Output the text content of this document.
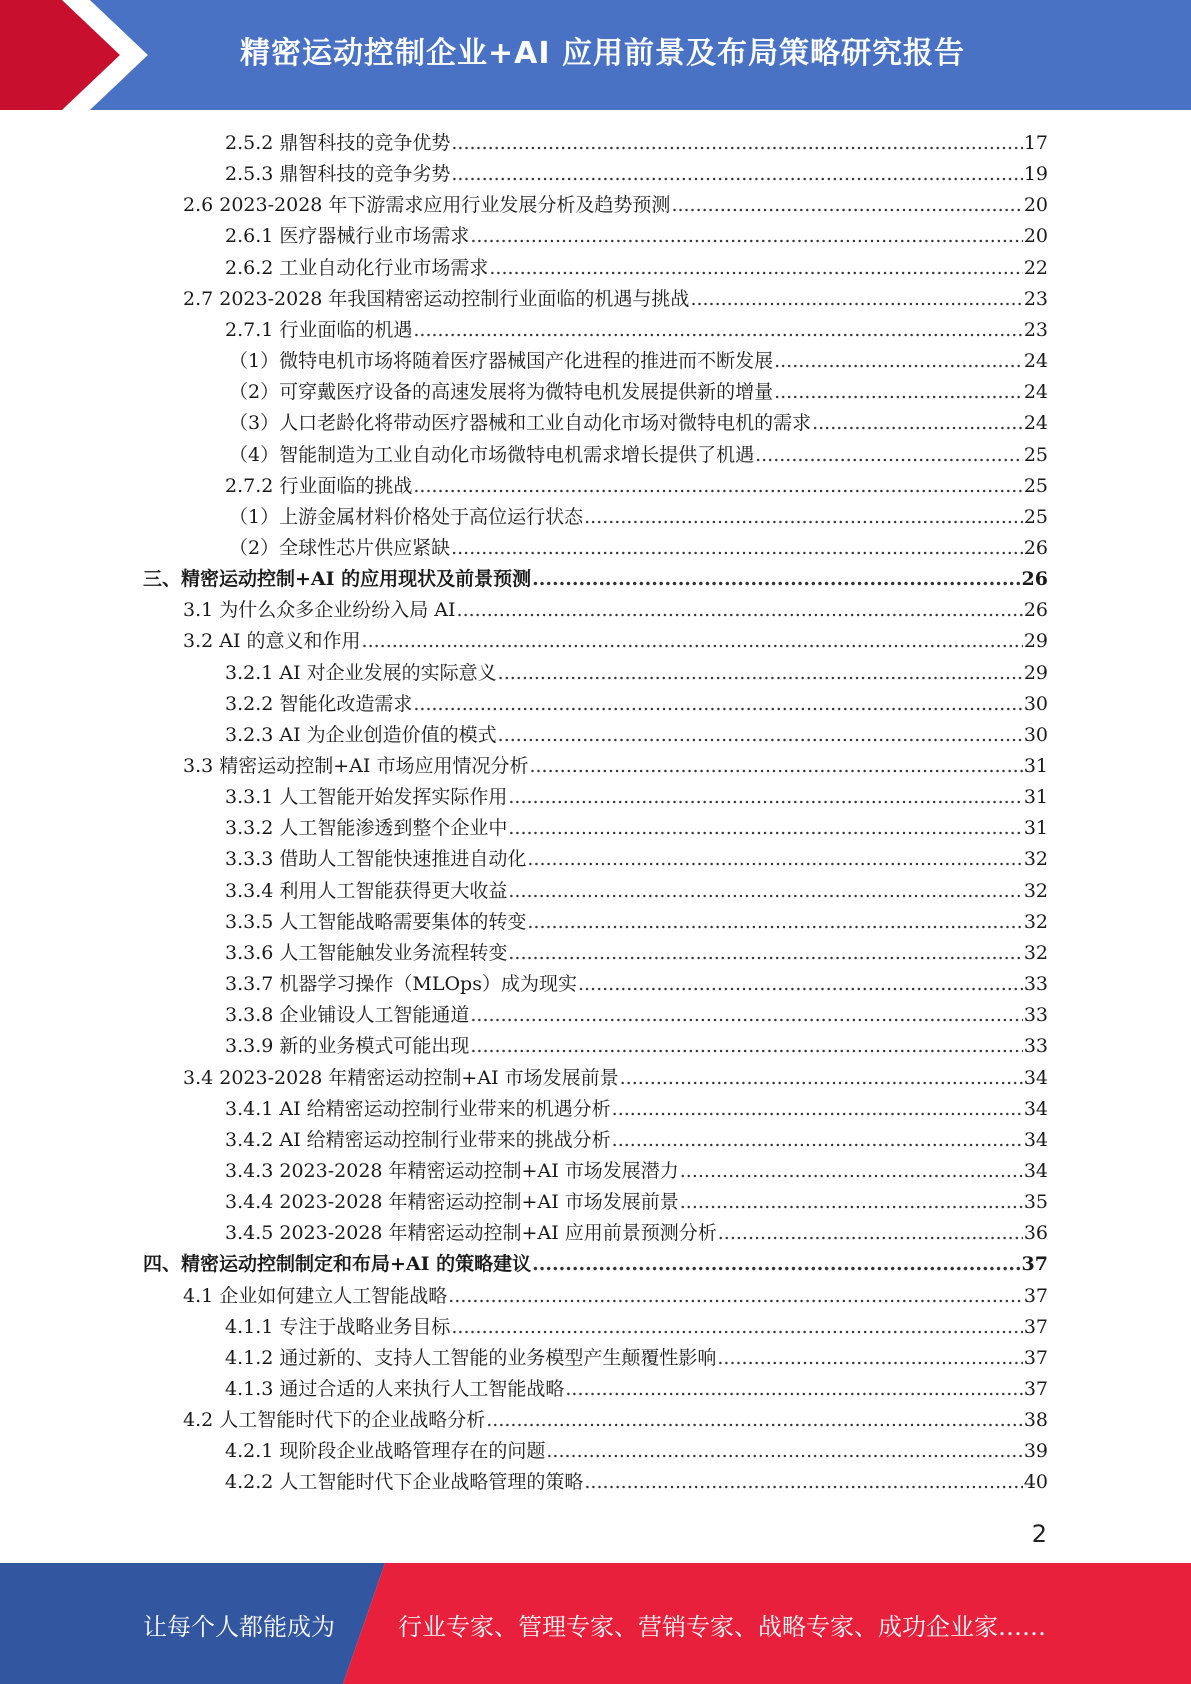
精密运动控制企业+AI 应用前景及布局策略研究报告
2.5.2 鼎智科技的竞争优势 .....	17
2.5.3 鼎智科技的竞争劣势 .....	19
2.6 2023-2028 年下游需求应用行业发展分析及趋势预测 .....	20
2.6.1 医疗器械行业市场需求 .....	20
2.6.2 工业自动化行业市场需求 .....	22
2.7 2023-2028 年我国精密运动控制行业面临的机遇与挑战 .....	23
2.7.1 行业面临的机遇 .....	23
（1）微特电机市场将随着医疗器械国产化进程的推进而不断发展 .....	24
（2）可穿戴医疗设备的高速发展将为微特电机发展提供新的增量 .....	24
（3）人口老龄化将带动医疗器械和工业自动化市场对微特电机的需求 .....	24
（4）智能制造为工业自动化市场微特电机需求增长提供了机遇 .....	25
2.7.2 行业面临的挑战 .....	25
（1）上游金属材料价格处于高位运行状态 .....	25
（2）全球性芯片供应紧缺 .....	26
三、精密运动控制+AI 的应用现状及前景预测 .....	26
3.1 为什么众多企业纷纷入局 AI .....	26
3.2 AI 的意义和作用 .....	29
3.2.1 AI 对企业发展的实际意义 .....	29
3.2.2 智能化改造需求 .....	30
3.2.3 AI 为企业创造价值的模式 .....	30
3.3 精密运动控制+AI 市场应用情况分析 .....	31
3.3.1 人工智能开始发挥实际作用 .....	31
3.3.2 人工智能渗透到整个企业中 .....	31
3.3.3 借助人工智能快速推进自动化 .....	32
3.3.4 利用人工智能获得更大收益 .....	32
3.3.5 人工智能战略需要集体的转变 .....	32
3.3.6 人工智能触发业务流程转变 .....	32
3.3.7 机器学习操作（MLOps）成为现实 .....	33
3.3.8 企业铺设人工智能通道 .....	33
3.3.9 新的业务模式可能出现 .....	33
3.4 2023-2028 年精密运动控制+AI 市场发展前景 .....	34
3.4.1 AI 给精密运动控制行业带来的机遇分析 .....	34
3.4.2 AI 给精密运动控制行业带来的挑战分析 .....	34
3.4.3 2023-2028 年精密运动控制+AI 市场发展潜力 .....	34
3.4.4 2023-2028 年精密运动控制+AI 市场发展前景 .....	35
3.4.5 2023-2028 年精密运动控制+AI 应用前景预测分析 .....	36
四、精密运动控制制定和布局+AI 的策略建议 .....	37
4.1 企业如何建立人工智能战略 .....	37
4.1.1 专注于战略业务目标 .....	37
4.1.2 通过新的、支持人工智能的业务模型产生颠覆性影响 .....	37
4.1.3 通过合适的人来执行人工智能战略 .....	37
4.2 人工智能时代下的企业战略分析 .....	38
4.2.1 现阶段企业战略管理存在的问题 .....	39
4.2.2 人工智能时代下企业战略管理的策略 .....	40
2
让每个人都能成为	行业专家、管理专家、营销专家、战略专家、成功企业家……
